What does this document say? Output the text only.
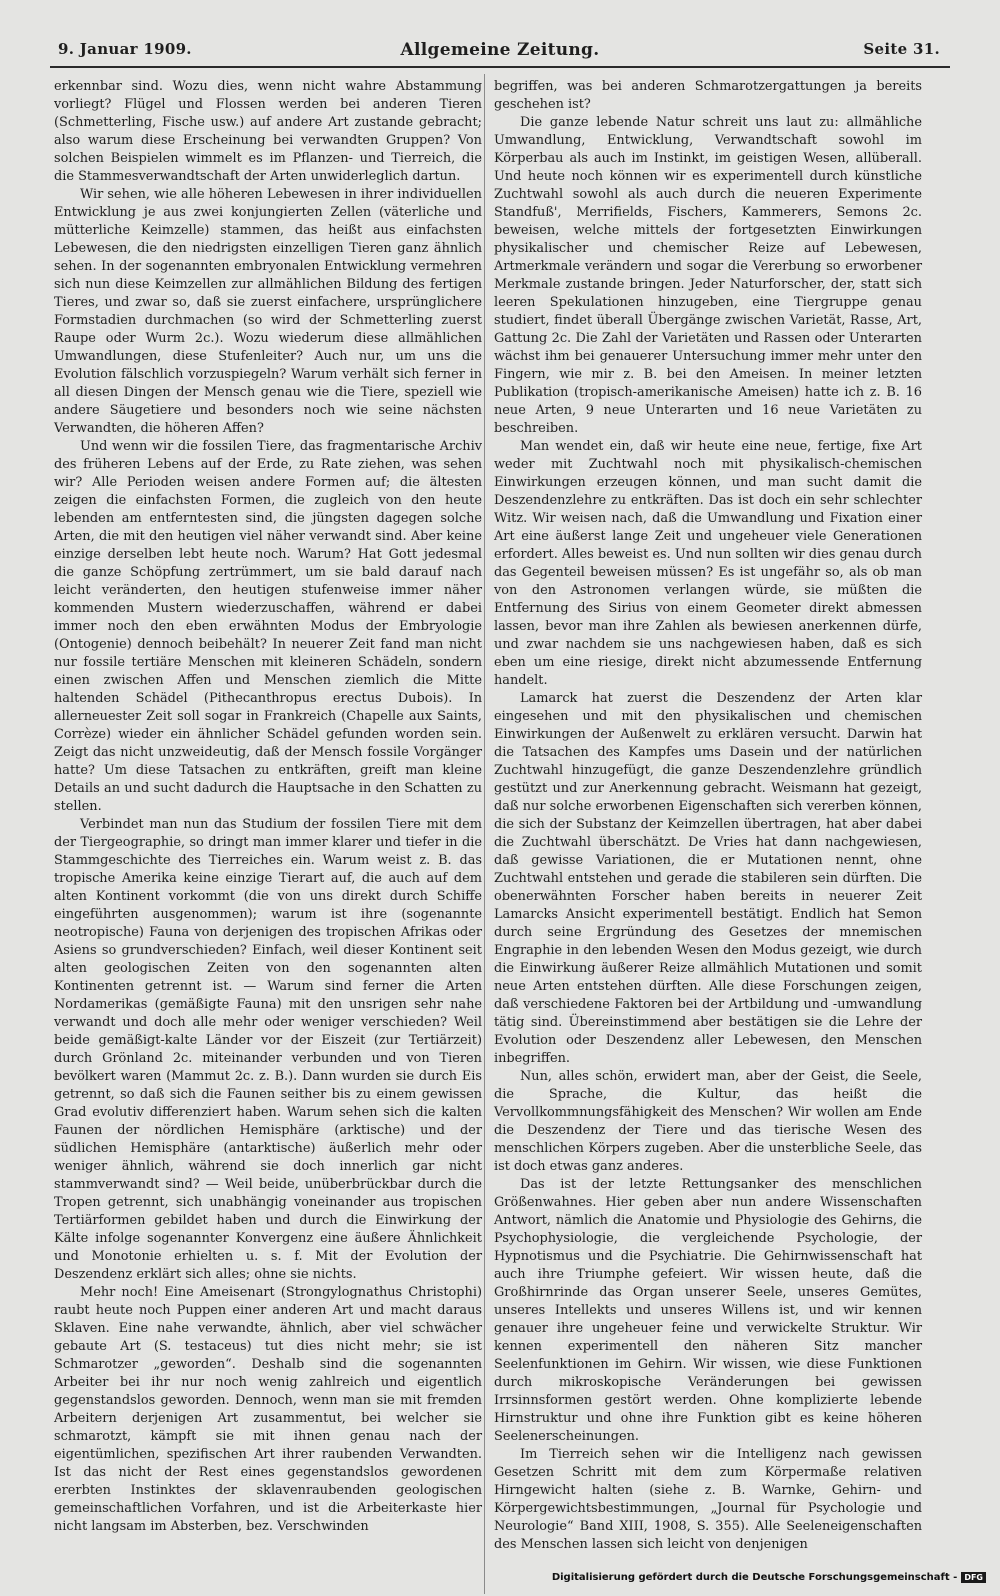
9. Januar 1909.	Allgemeine Zeitung.	Seite 31.

erkennbar sind. Wozu dies, wenn nicht wahre Abstammung vorliegt? Flügel und Flossen werden bei anderen Tieren (Schmetterling, Fische usw.) auf andere Art zustande gebracht; also warum diese Erscheinung bei verwandten Gruppen? Von solchen Beispielen wimmelt es im Pflanzen- und Tierreich, die die Stammesverwandtschaft der Arten unwiderleglich dartun.

Wir sehen, wie alle höheren Lebewesen in ihrer individuellen Entwicklung je aus zwei konjungierten Zellen (väterliche und mütterliche Keimzelle) stammen, das heißt aus einfachsten Lebewesen, die den niedrigsten einzelligen Tieren ganz ähnlich sehen. In der sogenannten embryonalen Entwicklung vermehren sich nun diese Keimzellen zur allmählichen Bildung des fertigen Tieres, und zwar so, daß sie zuerst einfachere, ursprünglichere Formstadien durchmachen (so wird der Schmetterling zuerst Raupe oder Wurm 2c.). Wozu wiederum diese allmählichen Umwandlungen, diese Stufenleiter? Auch nur, um uns die Evolution fälschlich vorzuspiegeln? Warum verhält sich ferner in all diesen Dingen der Mensch genau wie die Tiere, speziell wie andere Säugetiere und besonders noch wie seine nächsten Verwandten, die höheren Affen?

Und wenn wir die fossilen Tiere, das fragmentarische Archiv des früheren Lebens auf der Erde, zu Rate ziehen, was sehen wir? Alle Perioden weisen andere Formen auf; die ältesten zeigen die einfachsten Formen, die zugleich von den heute lebenden am entferntesten sind, die jüngsten dagegen solche Arten, die mit den heutigen viel näher verwandt sind. Aber keine einzige derselben lebt heute noch. Warum? Hat Gott jedesmal die ganze Schöpfung zertrümmert, um sie bald darauf nach leicht veränderten, den heutigen stufenweise immer näher kommenden Mustern wiederzuschaffen, während er dabei immer noch den eben erwähnten Modus der Embryologie (Ontogenie) dennoch beibehält? In neuerer Zeit fand man nicht nur fossile tertiäre Menschen mit kleineren Schädeln, sondern einen zwischen Affen und Menschen ziemlich die Mitte haltenden Schädel (Pithecanthropus erectus Dubois). In allerneuester Zeit soll sogar in Frankreich (Chapelle aux Saints, Corrèze) wieder ein ähnlicher Schädel gefunden worden sein. Zeigt das nicht unzweideutig, daß der Mensch fossile Vorgänger hatte? Um diese Tatsachen zu entkräften, greift man kleine Details an und sucht dadurch die Hauptsache in den Schatten zu stellen.

Verbindet man nun das Studium der fossilen Tiere mit dem der Tiergeographie, so dringt man immer klarer und tiefer in die Stammgeschichte des Tierreiches ein. Warum weist z. B. das tropische Amerika keine einzige Tierart auf, die auch auf dem alten Kontinent vorkommt (die von uns direkt durch Schiffe eingeführten ausgenommen); warum ist ihre (sogenannte neotropische) Fauna von derjenigen des tropischen Afrikas oder Asiens so grundverschieden? Einfach, weil dieser Kontinent seit alten geologischen Zeiten von den sogenannten alten Kontinenten getrennt ist. — Warum sind ferner die Arten Nordamerikas (gemäßigte Fauna) mit den unsrigen sehr nahe verwandt und doch alle mehr oder weniger verschieden? Weil beide gemäßigt-kalte Länder vor der Eiszeit (zur Tertiärzeit) durch Grönland 2c. miteinander verbunden und von Tieren bevölkert waren (Mammut 2c. z. B.). Dann wurden sie durch Eis getrennt, so daß sich die Faunen seither bis zu einem gewissen Grad evolutiv differenziert haben. Warum sehen sich die kalten Faunen der nördlichen Hemisphäre (arktische) und der südlichen Hemisphäre (antarktische) äußerlich mehr oder weniger ähnlich, während sie doch innerlich gar nicht stammverwandt sind? — Weil beide, unüberbrückbar durch die Tropen getrennt, sich unabhängig voneinander aus tropischen Tertiärformen gebildet haben und durch die Einwirkung der Kälte infolge sogenannter Konvergenz eine äußere Ähnlichkeit und Monotonie erhielten u. s. f. Mit der Evolution der Deszendenz erklärt sich alles; ohne sie nichts.

Mehr noch! Eine Ameisenart (Strongylognathus Christophi) raubt heute noch Puppen einer anderen Art und macht daraus Sklaven. Eine nahe verwandte, ähnlich, aber viel schwächer gebaute Art (S. testaceus) tut dies nicht mehr; sie ist Schmarotzer „geworden“. Deshalb sind die sogenannten Arbeiter bei ihr nur noch wenig zahlreich und eigentlich gegenstandslos geworden. Dennoch, wenn man sie mit fremden Arbeitern derjenigen Art zusammentut, bei welcher sie schmarotzt, kämpft sie mit ihnen genau nach der eigentümlichen, spezifischen Art ihrer raubenden Verwandten. Ist das nicht der Rest eines gegenstandslos gewordenen ererbten Instinktes der sklavenraubenden geologischen gemeinschaftlichen Vorfahren, und ist die Arbeiterkaste hier nicht langsam im Absterben, bez. Verschwinden

begriffen, was bei anderen Schmarotzergattungen ja bereits geschehen ist?

Die ganze lebende Natur schreit uns laut zu: allmähliche Umwandlung, Entwicklung, Verwandtschaft sowohl im Körperbau als auch im Instinkt, im geistigen Wesen, allüberall. Und heute noch können wir es experimentell durch künstliche Zuchtwahl sowohl als auch durch die neueren Experimente Standfuß', Merrifields, Fischers, Kammerers, Semons 2c. beweisen, welche mittels der fortgesetzten Einwirkungen physikalischer und chemischer Reize auf Lebewesen, Artmerkmale verändern und sogar die Vererbung so erworbener Merkmale zustande bringen. Jeder Naturforscher, der, statt sich leeren Spekulationen hinzugeben, eine Tiergruppe genau studiert, findet überall Übergänge zwischen Varietät, Rasse, Art, Gattung 2c. Die Zahl der Varietäten und Rassen oder Unterarten wächst ihm bei genauerer Untersuchung immer mehr unter den Fingern, wie mir z. B. bei den Ameisen. In meiner letzten Publikation (tropisch-amerikanische Ameisen) hatte ich z. B. 16 neue Arten, 9 neue Unterarten und 16 neue Varietäten zu beschreiben.

Man wendet ein, daß wir heute eine neue, fertige, fixe Art weder mit Zuchtwahl noch mit physikalisch-chemischen Einwirkungen erzeugen können, und man sucht damit die Deszendenzlehre zu entkräften. Das ist doch ein sehr schlechter Witz. Wir weisen nach, daß die Umwandlung und Fixation einer Art eine äußerst lange Zeit und ungeheuer viele Generationen erfordert. Alles beweist es. Und nun sollten wir dies genau durch das Gegenteil beweisen müssen? Es ist ungefähr so, als ob man von den Astronomen verlangen würde, sie müßten die Entfernung des Sirius von einem Geometer direkt abmessen lassen, bevor man ihre Zahlen als bewiesen anerkennen dürfe, und zwar nachdem sie uns nachgewiesen haben, daß es sich eben um eine riesige, direkt nicht abzumessende Entfernung handelt.

Lamarck hat zuerst die Deszendenz der Arten klar eingesehen und mit den physikalischen und chemischen Einwirkungen der Außenwelt zu erklären versucht. Darwin hat die Tatsachen des Kampfes ums Dasein und der natürlichen Zuchtwahl hinzugefügt, die ganze Deszendenzlehre gründlich gestützt und zur Anerkennung gebracht. Weismann hat gezeigt, daß nur solche erworbenen Eigenschaften sich vererben können, die sich der Substanz der Keimzellen übertragen, hat aber dabei die Zuchtwahl überschätzt. De Vries hat dann nachgewiesen, daß gewisse Variationen, die er Mutationen nennt, ohne Zuchtwahl entstehen und gerade die stabileren sein dürften. Die obenerwähnten Forscher haben bereits in neuerer Zeit Lamarcks Ansicht experimentell bestätigt. Endlich hat Semon durch seine Ergründung des Gesetzes der mnemischen Engraphie in den lebenden Wesen den Modus gezeigt, wie durch die Einwirkung äußerer Reize allmählich Mutationen und somit neue Arten entstehen dürften. Alle diese Forschungen zeigen, daß verschiedene Faktoren bei der Artbildung und -umwandlung tätig sind. Übereinstimmend aber bestätigen sie die Lehre der Evolution oder Deszendenz aller Lebewesen, den Menschen inbegriffen.

Nun, alles schön, erwidert man, aber der Geist, die Seele, die Sprache, die Kultur, das heißt die Vervollkommnungsfähigkeit des Menschen? Wir wollen am Ende die Deszendenz der Tiere und das tierische Wesen des menschlichen Körpers zugeben. Aber die unsterbliche Seele, das ist doch etwas ganz anderes.

Das ist der letzte Rettungsanker des menschlichen Größenwahnes. Hier geben aber nun andere Wissenschaften Antwort, nämlich die Anatomie und Physiologie des Gehirns, die Psychophysiologie, die vergleichende Psychologie, der Hypnotismus und die Psychiatrie. Die Gehirnwissenschaft hat auch ihre Triumphe gefeiert. Wir wissen heute, daß die Großhirnrinde das Organ unserer Seele, unseres Gemütes, unseres Intellekts und unseres Willens ist, und wir kennen genauer ihre ungeheuer feine und verwickelte Struktur. Wir kennen experimentell den näheren Sitz mancher Seelenfunktionen im Gehirn. Wir wissen, wie diese Funktionen durch mikroskopische Veränderungen bei gewissen Irrsinnsformen gestört werden. Ohne komplizierte lebende Hirnstruktur und ohne ihre Funktion gibt es keine höheren Seelenerscheinungen.

Im Tierreich sehen wir die Intelligenz nach gewissen Gesetzen Schritt mit dem zum Körpermaße relativen Hirngewicht halten (siehe z. B. Warnke, Gehirn- und Körpergewichtsbestimmungen, „Journal für Psychologie und Neurologie“ Band XIII, 1908, S. 355). Alle Seeleneigenschaften des Menschen lassen sich leicht von denjenigen

Digitalisierung gefördert durch die Deutsche Forschungsgemeinschaft - DFG
